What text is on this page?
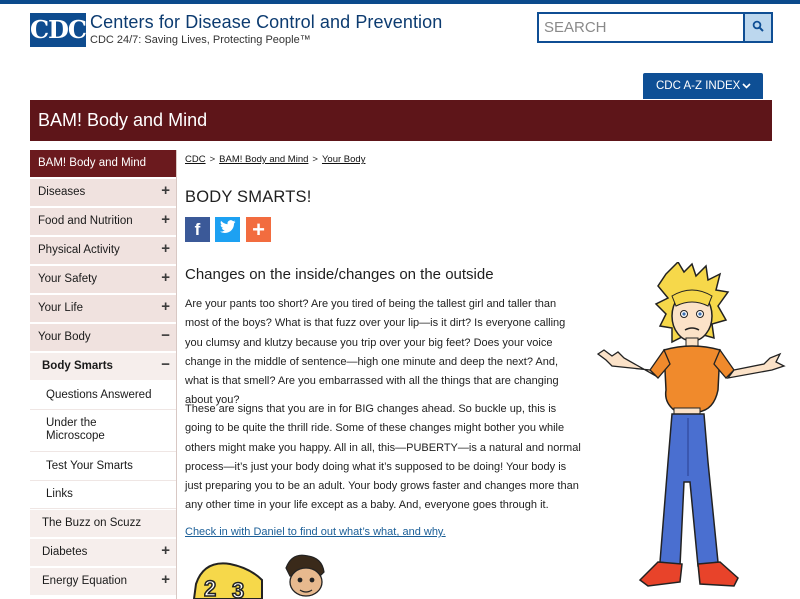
CDC Centers for Disease Control and Prevention
CDC 24/7: Saving Lives, Protecting People™
SEARCH
CDC A-Z INDEX
BAM! Body and Mind
BAM! Body and Mind
Diseases	+
Food and Nutrition +
Physical Activity	+
Your Safety	+
Your Life	+
Your Body	−
Body Smarts	−
Questions Answered
Under the
Microscope
Test Your Smarts
Links
The Buzz on Scuzz
Diabetes	+
Energy Equation +
CDC > BAM! Body and Mind > Your Body
BODY SMARTS!
f +
Changes on the inside/changes on the outside
Are your pants too short? Are you tired of being the tallest girl and taller than most of the boys? What is that fuzz over your lip—is it dirt? Is everyone calling you clumsy and klutzy because you trip over your big feet? Does your voice change in the middle of sentence—high one minute and deep the next? And, what is that smell? Are you embarrassed with all the things that are changing about you?
These are signs that you are in for BIG changes ahead. So buckle up, this is going to be quite the thrill ride. Some of these changes might bother you while others might make you happy. All in all, this—PUBERTY—is a natural and normal process—it’s just your body doing what it’s supposed to be doing! Your body is just preparing you to be an adult. Your body grows faster and changes more than any other time in your life except as a baby. And, everyone goes through it.
Check in with Daniel to find out what’s what, and why.
2 3
